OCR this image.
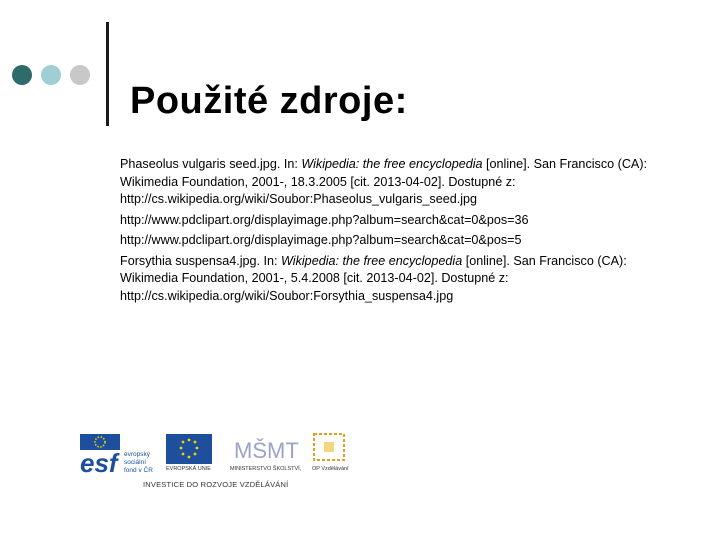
Použité zdroje:

Phaseolus vulgaris seed.jpg. In: Wikipedia: the free encyclopedia [online]. San Francisco (CA): Wikimedia Foundation, 2001-, 18.3.2005 [cit. 2013-04-02]. Dostupné z: http://cs.wikipedia.org/wiki/Soubor:Phaseolus_vulgaris_seed.jpg

http://www.pdclipart.org/displayimage.php?album=search&cat=0&pos=36

http://www.pdclipart.org/displayimage.php?album=search&cat=0&pos=5

Forsythia suspensa4.jpg. In: Wikipedia: the free encyclopedia [online]. San Francisco (CA): Wikimedia Foundation, 2001-, 5.4.2008 [cit. 2013-04-02]. Dostupné z: http://cs.wikipedia.org/wiki/Soubor:Forsythia_suspensa4.jpg

esf evropský
sociální
fond v ČR EVROPSKÁ UNIE
MŠMT
MINISTERSTVO ŠKOLSTVÍ, OP Vzdělávání
INVESTICE DO ROZVOJE VZDĚLÁVÁNÍ
